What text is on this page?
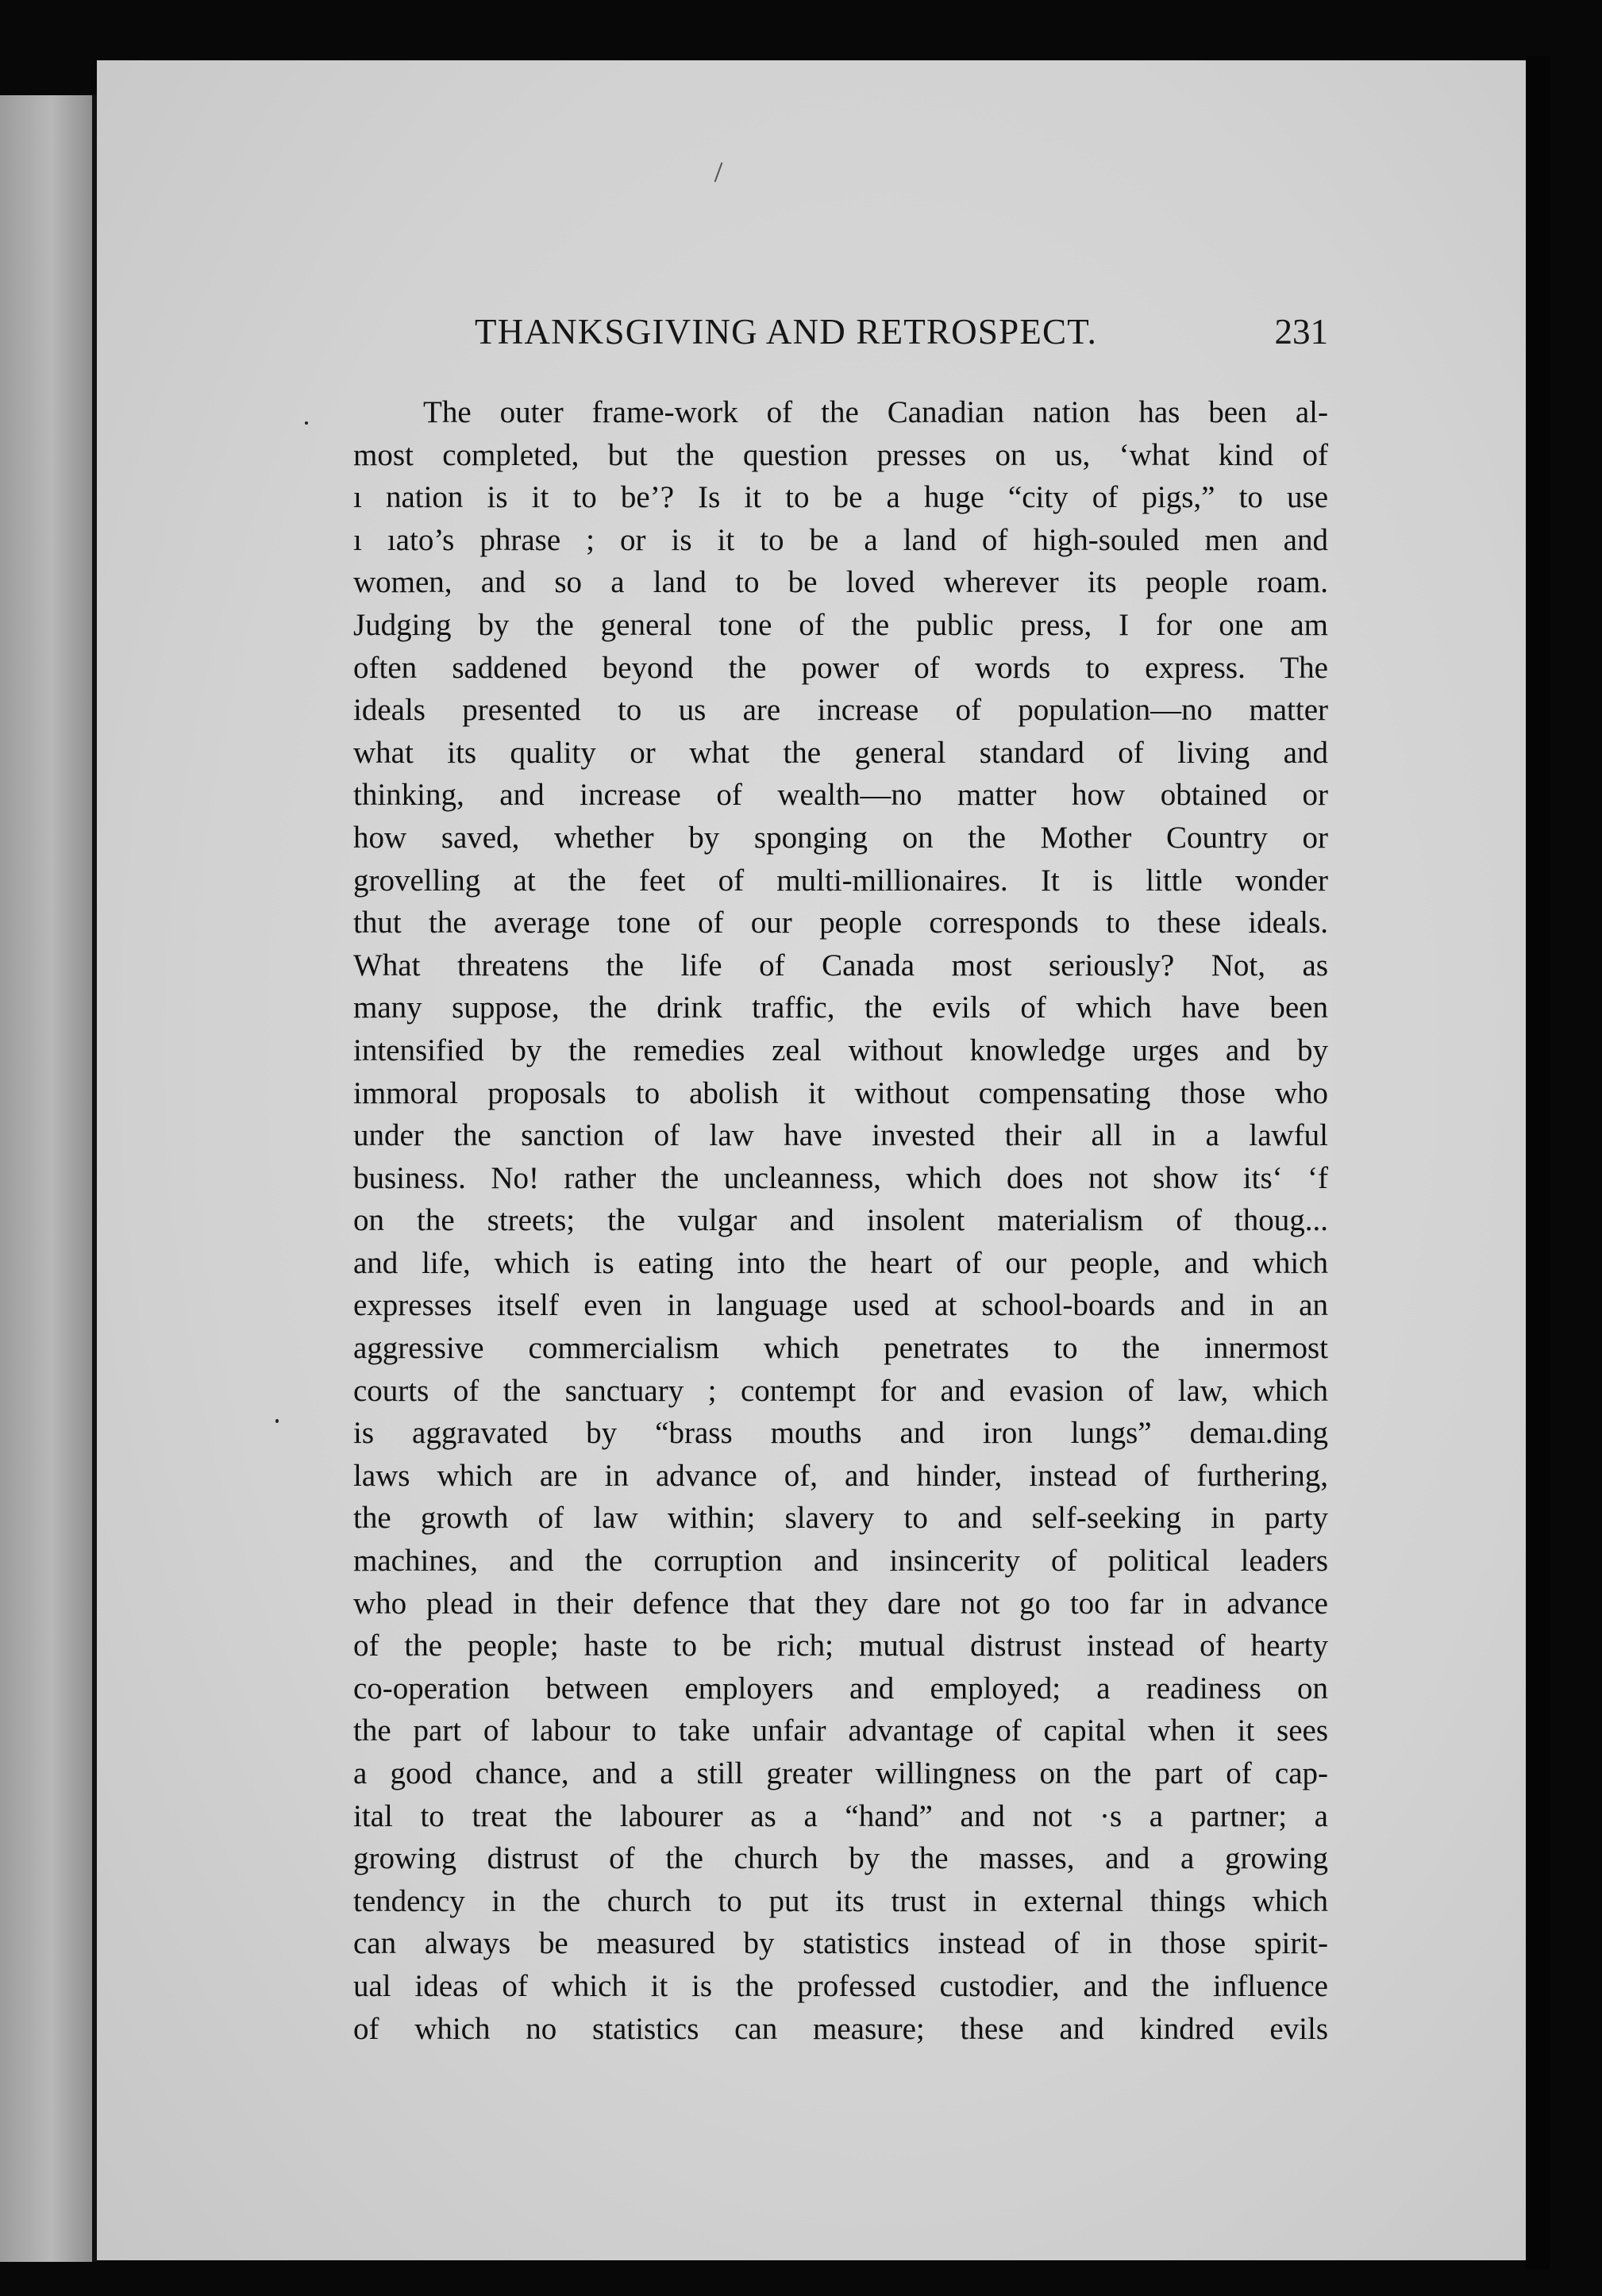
THANKSGIVING AND RETROSPECT.	231
The outer frame-work of the Canadian nation has been al-
most completed, but the question presses on us, ‘what kind of
ı nation is it to be’? Is it to be a huge “city of pigs,” to use
ı ıato’s phrase ; or is it to be a land of high-souled men and
women, and so a land to be loved wherever its people roam.
Judging by the general tone of the public press, I for one am
often saddened beyond the power of words to express. The
ideals presented to us are increase of population—no matter
what its quality or what the general standard of living and
thinking, and increase of wealth—no matter how obtained or
how saved, whether by sponging on the Mother Country or
grovelling at the feet of multi-millionaires. It is little wonder
thut the average tone of our people corresponds to these ideals.
What threatens the life of Canada most seriously? Not, as
many suppose, the drink traffic, the evils of which have been
intensified by the remedies zeal without knowledge urges and by
immoral proposals to abolish it without compensating those who
under the sanction of law have invested their all in a lawful
business. No! rather the uncleanness, which does not show its‘ ‘f
on the streets; the vulgar and insolent materialism of thoug...
and life, which is eating into the heart of our people, and which
expresses itself even in language used at school-boards and in an
aggressive commercialism which penetrates to the innermost
courts of the sanctuary ; contempt for and evasion of law, which
is aggravated by “brass mouths and iron lungs” demaı.ding
laws which are in advance of, and hinder, instead of furthering,
the growth of law within; slavery to and self-seeking in party
machines, and the corruption and insincerity of political leaders
who plead in their defence that they dare not go too far in advance
of the people; haste to be rich; mutual distrust instead of hearty
co-operation between employers and employed; a readiness on
the part of labour to take unfair advantage of capital when it sees
a good chance, and a still greater willingness on the part of cap-
ital to treat the labourer as a “hand” and not ·s a partner; a
growing distrust of the church by the masses, and a growing
tendency in the church to put its trust in external things which
can always be measured by statistics instead of in those spirit-
ual ideas of which it is the professed custodier, and the influence
of which no statistics can measure; these and kindred evils
